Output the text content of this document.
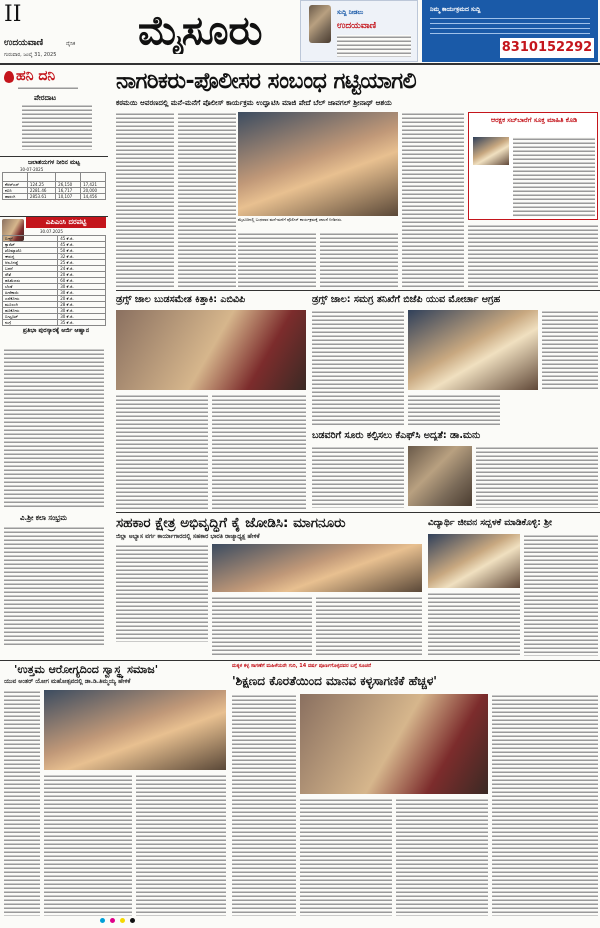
II
ಉದಯವಾಣಿ	ದೈನಿಕ
ಗುರುವಾರ, ಜುಲೈ 31, 2025
ಮೈಸೂರು	ಸುದ್ದಿ ನೀಡಲು
ಉದಯವಾಣಿ
ನಿಮ್ಮ ಕಾರ್ಯಕ್ರಮದ ಸುದ್ದಿ
8310152292
ಹನಿ ದನಿ
ಪೇರದಾಟ
ಜಲಾಶಯಗಳ ನೀರಿನ ಮಟ್ಟ
30-07-2025

ಕೆಆರ್‌ಎಸ್	124.25	26,150	17,421
ಕಬಿನಿ	2281.46	16,717	20,000
ಹಾರಂಗಿ	2853.61	10,107	14,456
ಎಪಿಎಂಸಿ ದರಪಟ್ಟಿ
30.07.2025
ಬೀನ್ಸ್	45 ಕೆ.ಜಿ.
ಕ್ಯಾರೆಟ್	45 ಕೆ.ಜಿ.
ಟೊಮ್ಯಾಟೊ	50 ಕೆ.ಜಿ.
ಈರುಳ್ಳಿ	32 ಕೆ.ಜಿ.
ಆಲೂಗಡ್ಡೆ	25 ಕೆ.ಜಿ.
ಬದನೆ	24 ಕೆ.ಜಿ.
ಸೌತೆ	20 ಕೆ.ಜಿ.
ಹಸಿಮೆಣಸು	60 ಕೆ.ಜಿ.
ಬೆಂಡೆ	30 ಕೆ.ಜಿ.
ಹೀರೆಕಾಯಿ	30 ಕೆ.ಜಿ.
ಎಲೆಕೋಸು	20 ಕೆ.ಜಿ.
ಮೂಲಂಗಿ	28 ಕೆ.ಜಿ.
ಹೂಕೋಸು	30 ಕೆ.ಜಿ.
ಬೀಟ್ರೂಟ್	30 ಕೆ.ಜಿ.
ನುಗ್ಗೆ	35 ಕೆ.ಜಿ.
ಪ್ರತಿಭಾ ಪುರಸ್ಕಾರಕ್ಕೆ ಅರ್ಜಿ ಆಹ್ವಾನ
ವಿ.ಶ್ರೀ ಕಲಾ ಸಂಭ್ರಮ
ನಾಗರಿಕರು-ಪೊಲೀಸರ ಸಂಬಂಧ ಗಟ್ಟಿಯಾಗಲಿ
ಕಠಮಯಿ ಆವರಣದಲ್ಲಿ ಮನೆ-ಮನೆಗೆ ಪೊಲೀಸ್ ಕಾರ್ಯಕ್ರಮ ಉದ್ಘಾಟಿಸಿ ಮಾಜಿ ಪೇದೆ ಬೆಲ್ ಜಾವಗಲ್ ಶ್ರೀನಾಥ್ ಆಶಯ
ಮೈಸೂರಿನಲ್ಲಿ ಬುಧವಾರ ಮನೆ-ಮನೆಗೆ ಪೊಲೀಸ್ ಕಾರ್ಯಕ್ರಮಕ್ಕೆ ಚಾಲನೆ ನೀಡಿದರು.
ಆರಕ್ಷಕ ಸಬ್‌ಬಾರೆಗೆ ಸೂಕ್ತ ಮಾಹಿತಿ ಕೊಡಿ
ಡ್ರಗ್ಸ್ ಜಾಲ ಬುಡಸಮೇತ ಕಿತ್ತಾಕಿ: ಎಬಿವಿಪಿ	ಡ್ರಗ್ಸ್ ಜಾಲ: ಸಮಗ್ರ ತನಿಖೆಗೆ ಬಿಜೆಪಿ ಯುವ ಮೋರ್ಚಾ ಆಗ್ರಹ
ಬಡವರಿಗೆ ಸೂರು ಕಲ್ಪಿಸಲು ಕೆಎಫ್‌ಸಿ ಅದ್ಯತೆ: ಡಾ.ಮನು
ಸಹಕಾರ ಕ್ಷೇತ್ರ ಅಭಿವೃದ್ಧಿಗೆ ಕೈ ಜೋಡಿಸಿ: ಮಾಗನೂರು
ಜಿಲ್ಲಾ ಅಭ್ಯಾಸ ವರ್ಗ ಕಾರ್ಯಾಗಾರದಲ್ಲಿ ಸಹಕಾರ ಭಾರತಿ ರಾಜ್ಯಾಧ್ಯಕ್ಷ ಹೇಳಿಕೆ
ವಿದ್ಯಾರ್ಥಿ ಜೀವನ ಸದ್ಬಳಕೆ ಮಾಡಿಕೊಳ್ಳಿ: ಶ್ರೀ
'ಉತ್ತಮ ಆರೋಗ್ಯದಿಂದ ಸ್ವಾಸ್ಥ್ಯ ಸಮಾಜ'
ಯುವ ಅಂತರ್ ಯೋಗ ಮಹೋತ್ಸವದಲ್ಲಿ ಡಾ.ಡಿ.ತಿಮ್ಮಯ್ಯ ಹೇಳಿಕೆ
ಮಕ್ಕಳ ಕಳ್ಳ ಸಾಗಣೆಗೆ ಮಹಿಳೆಯರೇ ಗುರಿ, 14 ವರ್ಷ ಪೂರ್ಣಗೊಳ್ಳದವರ ಬಗ್ಗೆ ಸೂಚನೆ
'ಶಿಕ್ಷಣದ ಕೊರತೆಯಿಂದ ಮಾನವ ಕಳ್ಳಸಾಗಣಿಕೆ ಹೆಚ್ಚಳ'
